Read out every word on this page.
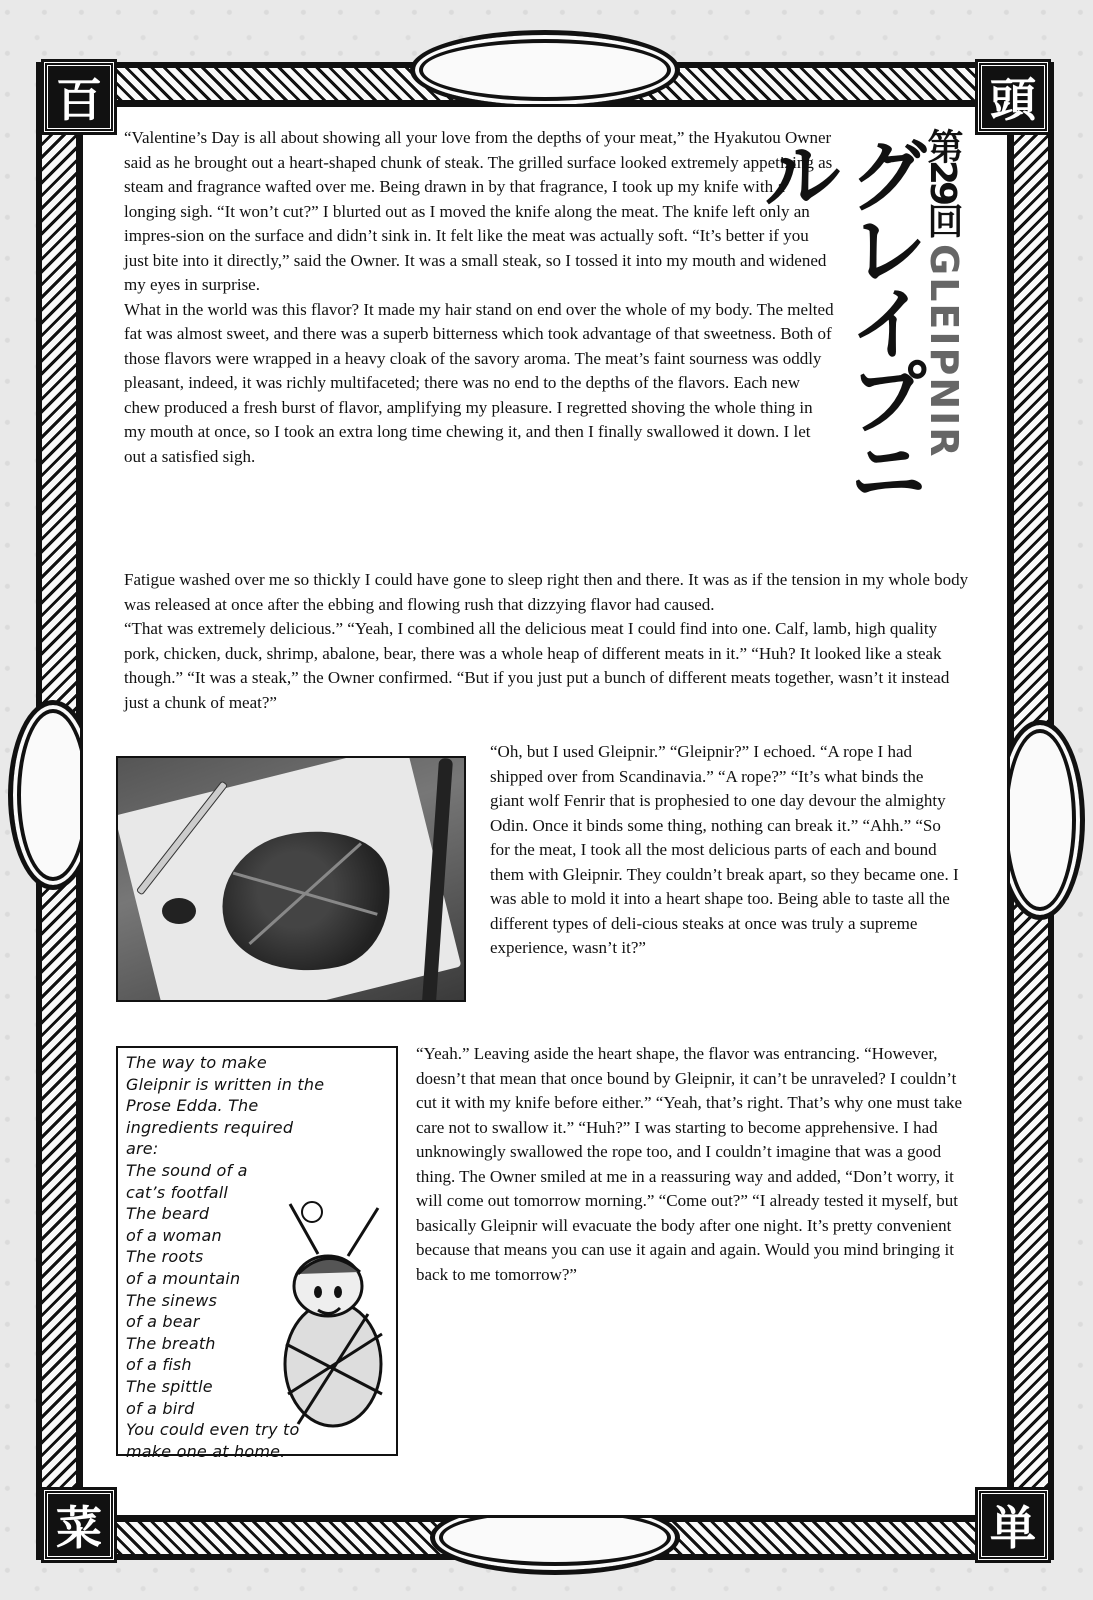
百	頭
菜	単
グレイプニル	第29回
GLEIPNIR

“Valentine’s Day is all about showing all your love from the depths of your meat,” the Hyakutou Owner said as he brought out a heart-shaped chunk of steak. The grilled surface looked extremely appetizing as steam and fragrance wafted over me. Being drawn in by that fragrance, I took up my knife with a longing sigh. “It won’t cut?” I blurted out as I moved the knife along the meat. The knife left only an impres-sion on the surface and didn’t sink in. It felt like the meat was actually soft. “It’s better if you just bite into it directly,” said the Owner. It was a small steak, so I tossed it into my mouth and widened my eyes in surprise.

What in the world was this flavor? It made my hair stand on end over the whole of my body. The melted fat was almost sweet, and there was a superb bitterness which took advantage of that sweetness. Both of those flavors were wrapped in a heavy cloak of the savory aroma. The meat’s faint sourness was oddly pleasant, indeed, it was richly multifaceted; there was no end to the depths of the flavors. Each new chew produced a fresh burst of flavor, amplifying my pleasure. I regretted shoving the whole thing in my mouth at once, so I took an extra long time chewing it, and then I finally swallowed it down. I let out a satisfied sigh.

Fatigue washed over me so thickly I could have gone to sleep right then and there. It was as if the tension in my whole body was released at once after the ebbing and flowing rush that dizzying flavor had caused.

“That was extremely delicious.” “Yeah, I combined all the delicious meat I could find into one. Calf, lamb, high quality pork, chicken, duck, shrimp, abalone, bear, there was a whole heap of different meats in it.” “Huh? It looked like a steak though.” “It was a steak,” the Owner confirmed. “But if you just put a bunch of different meats together, wasn’t it instead just a chunk of meat?”

“Oh, but I used Gleipnir.” “Gleipnir?” I echoed. “A rope I had shipped over from Scandinavia.” “A rope?” “It’s what binds the giant wolf Fenrir that is prophesied to one day devour the almighty Odin. Once it binds some thing, nothing can break it.” “Ahh.” “So for the meat, I took all the most delicious parts of each and bound them with Gleipnir. They couldn’t break apart, so they became one. I was able to mold it into a heart shape too. Being able to taste all the different types of deli-cious steaks at once was truly a supreme experience, wasn’t it?”

The way to make
Gleipnir is written in the
Prose Edda. The
ingredients required
are:
The sound of a
cat’s footfall
The beard
of a woman
The roots
of a mountain
The sinews
of a bear
The breath
of a fish
The spittle
of a bird
You could even try to
make one at home.

“Yeah.” Leaving aside the heart shape, the flavor was entrancing. “However, doesn’t that mean that once bound by Gleipnir, it can’t be unraveled? I couldn’t cut it with my knife before either.” “Yeah, that’s right. That’s why one must take care not to swallow it.” “Huh?” I was starting to become apprehensive. I had unknowingly swallowed the rope too, and I couldn’t imagine that was a good thing. The Owner smiled at me in a reassuring way and added, “Don’t worry, it will come out tomorrow morning.” “Come out?” “I already tested it myself, but basically Gleipnir will evacuate the body after one night. It’s pretty convenient because that means you can use it again and again. Would you mind bringing it back to me tomorrow?”
